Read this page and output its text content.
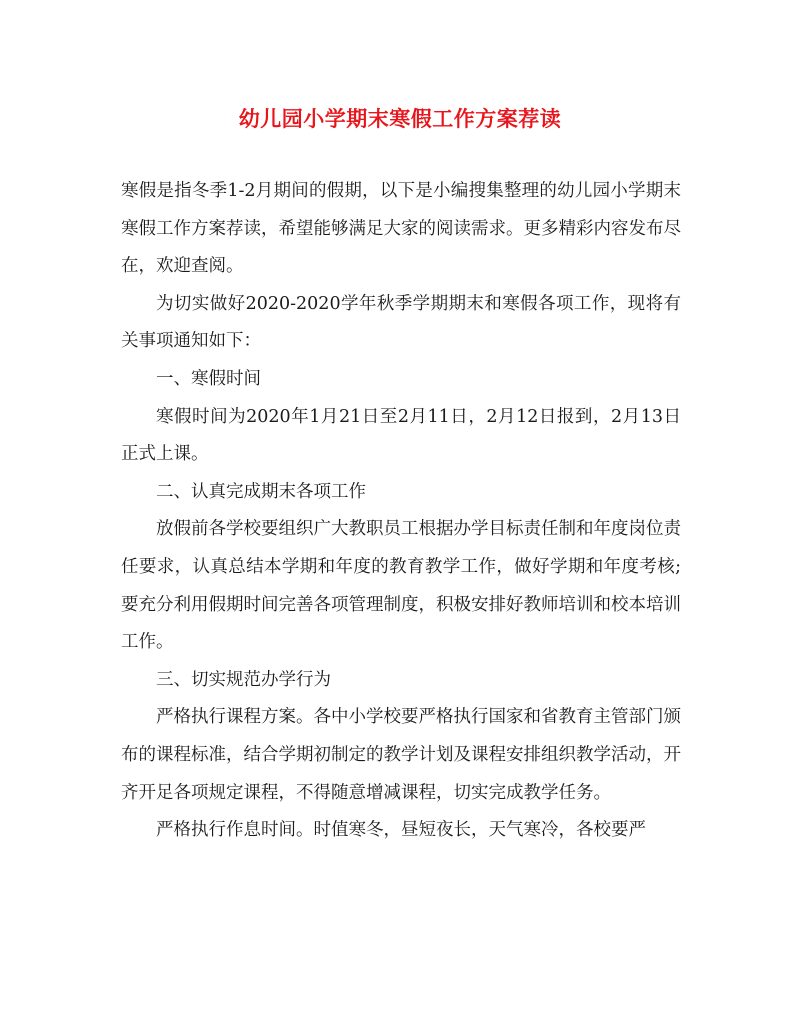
幼儿园小学期末寒假工作方案荐读

寒假是指冬季1-2月期间的假期，以下是小编搜集整理的幼儿园小学期末寒假工作方案荐读，希望能够满足大家的阅读需求。更多精彩内容发布尽在，欢迎查阅。

为切实做好2020-2020学年秋季学期期末和寒假各项工作，现将有关事项通知如下：

一、寒假时间

寒假时间为2020年1月21日至2月11日，2月12日报到，2月13日正式上课。

二、认真完成期末各项工作

放假前各学校要组织广大教职员工根据办学目标责任制和年度岗位责任要求，认真总结本学期和年度的教育教学工作，做好学期和年度考核;要充分利用假期时间完善各项管理制度，积极安排好教师培训和校本培训工作。

三、切实规范办学行为

严格执行课程方案。各中小学校要严格执行国家和省教育主管部门颁布的课程标准，结合学期初制定的教学计划及课程安排组织教学活动，开齐开足各项规定课程，不得随意增减课程，切实完成教学任务。

严格执行作息时间。时值寒冬，昼短夜长，天气寒冷，各校要严
